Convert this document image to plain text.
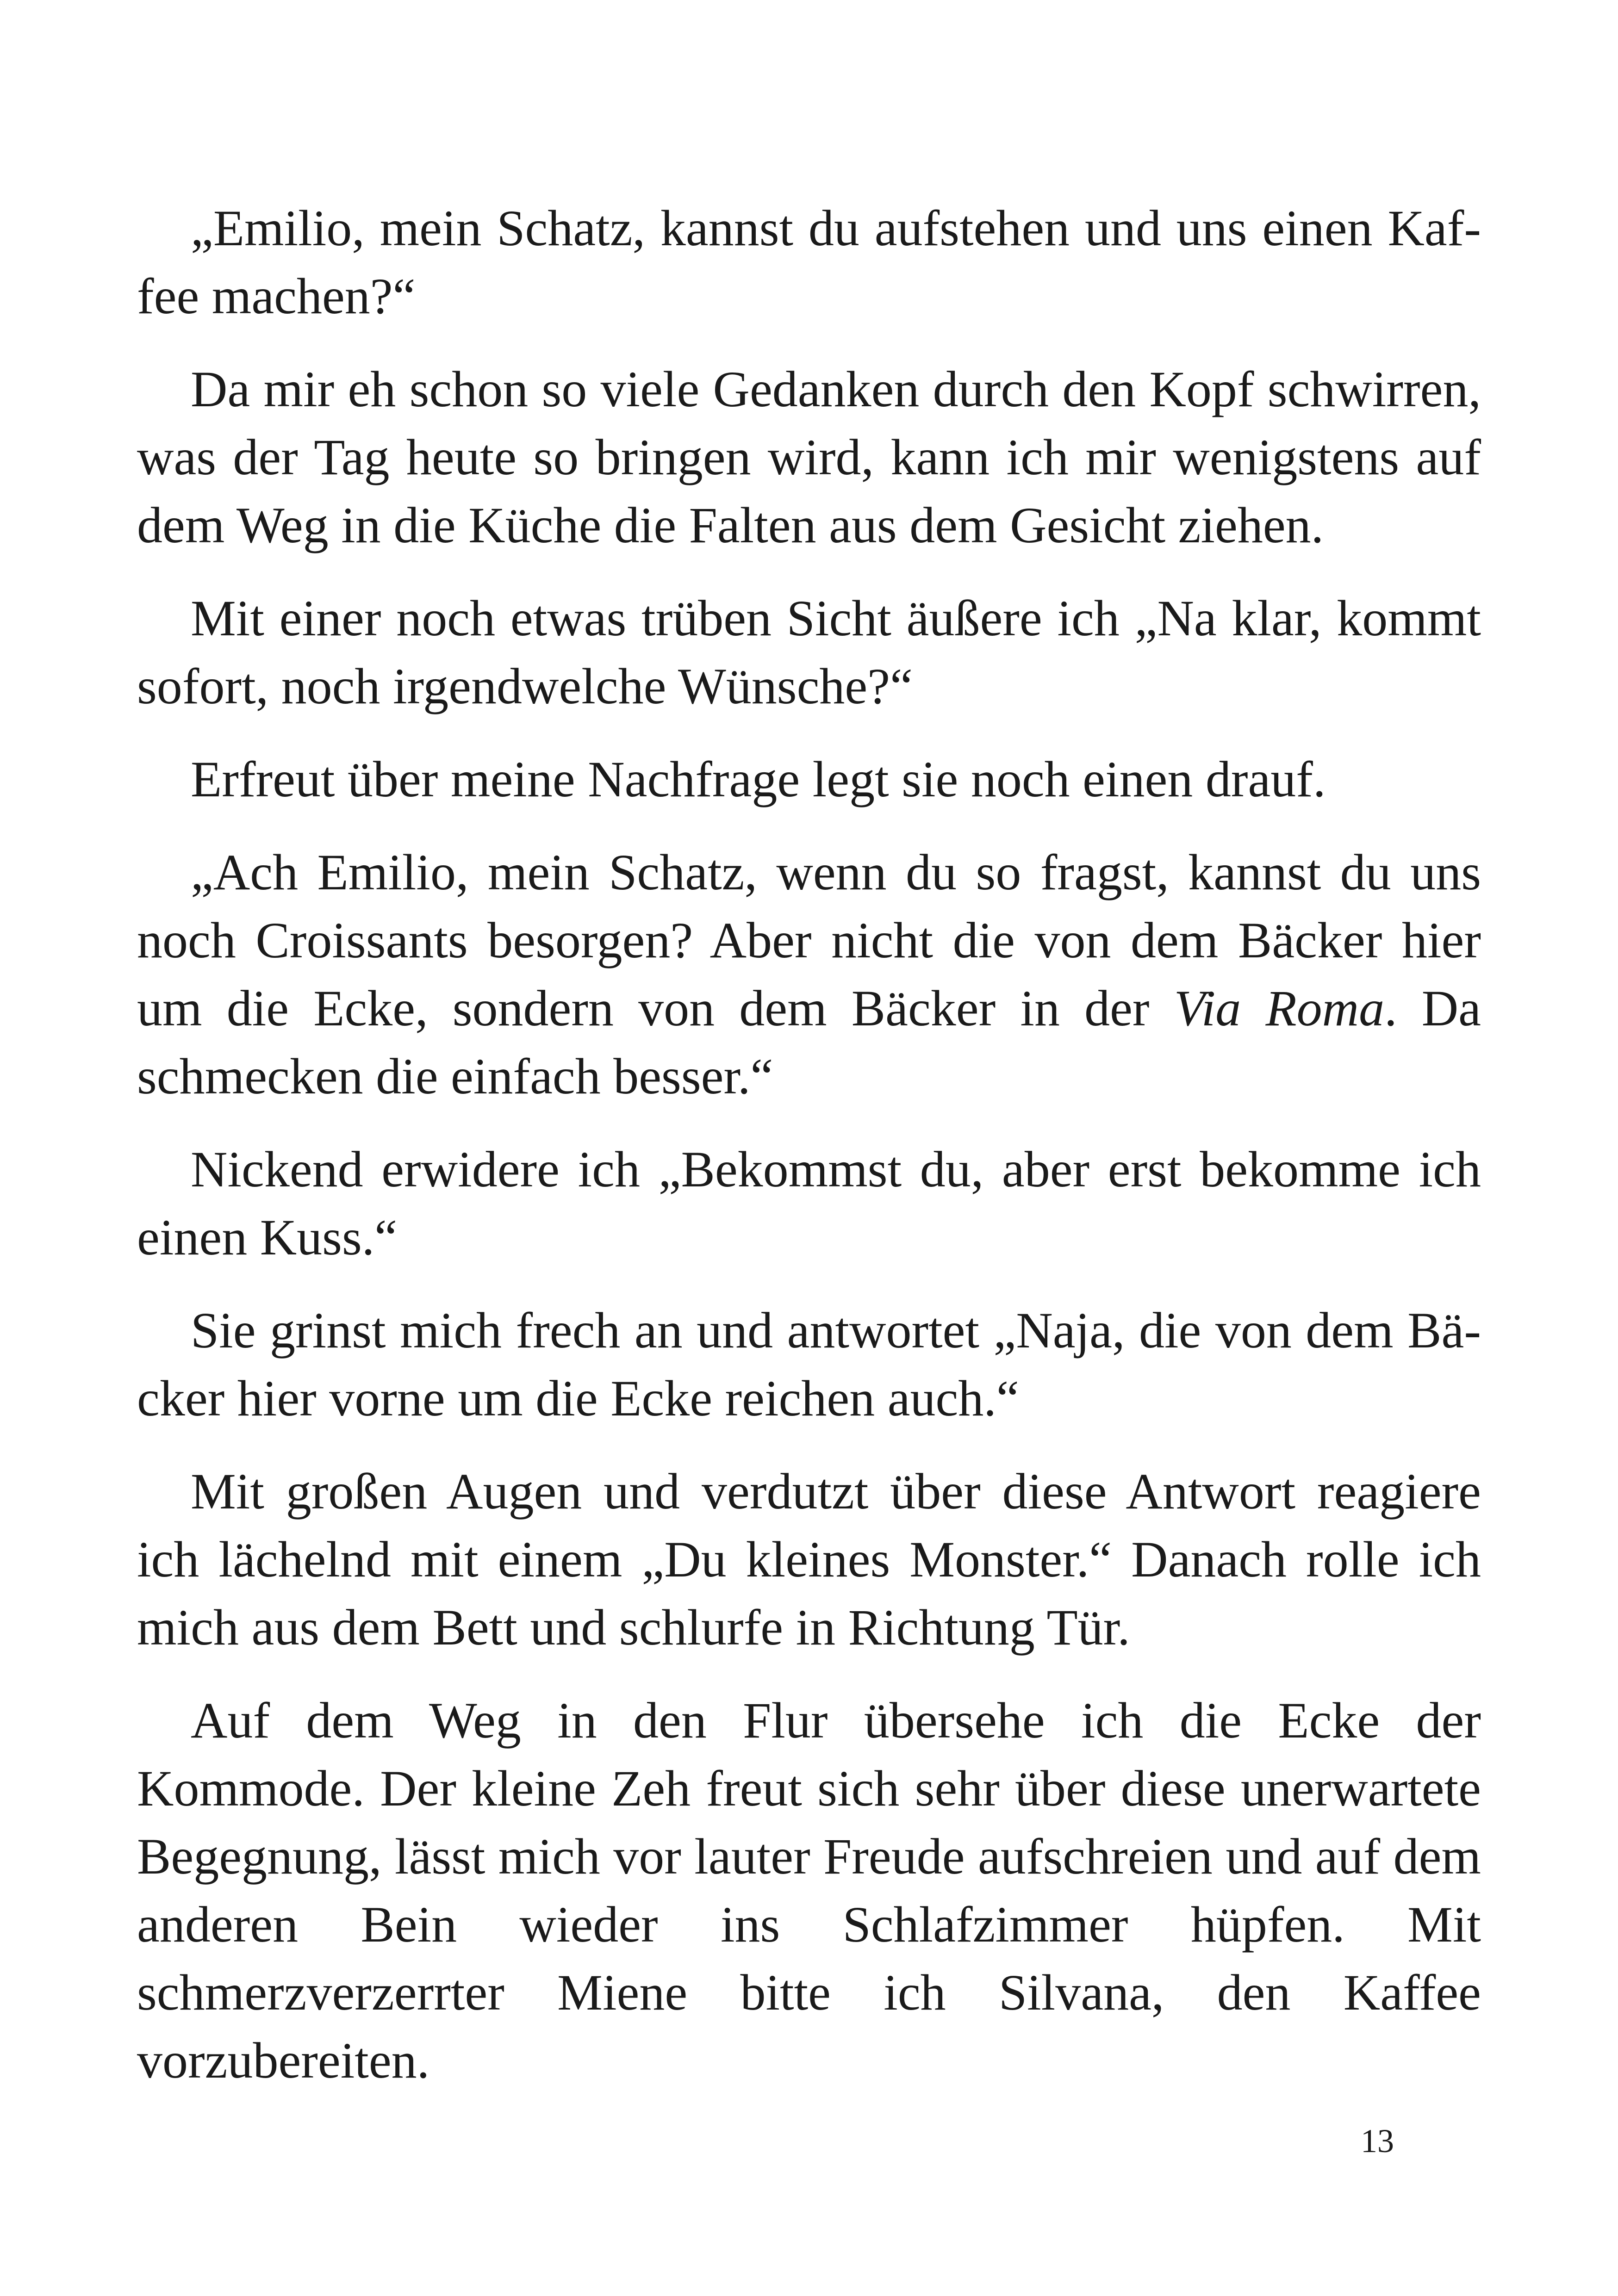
„Emilio, mein Schatz, kannst du aufstehen und uns einen Kaffee machen?“

Da mir eh schon so viele Gedanken durch den Kopf schwirren, was der Tag heute so bringen wird, kann ich mir wenigstens auf dem Weg in die Küche die Falten aus dem Gesicht ziehen.

Mit einer noch etwas trüben Sicht äußere ich „Na klar, kommt sofort, noch irgendwelche Wünsche?“

Erfreut über meine Nachfrage legt sie noch einen drauf.

„Ach Emilio, mein Schatz, wenn du so fragst, kannst du uns noch Croissants besorgen? Aber nicht die von dem Bäcker hier um die Ecke, sondern von dem Bäcker in der Via Roma. Da schmecken die einfach besser.“

Nickend erwidere ich „Bekommst du, aber erst bekomme ich einen Kuss.“

Sie grinst mich frech an und antwortet „Naja, die von dem Bäcker hier vorne um die Ecke reichen auch.“

Mit großen Augen und verdutzt über diese Antwort reagiere ich lächelnd mit einem „Du kleines Monster.“ Danach rolle ich mich aus dem Bett und schlurfe in Richtung Tür.

Auf dem Weg in den Flur übersehe ich die Ecke der Kommode. Der kleine Zeh freut sich sehr über diese unerwartete Begegnung, lässt mich vor lauter Freude aufschreien und auf dem anderen Bein wieder ins Schlafzimmer hüpfen. Mit schmerzverzerrter Miene bitte ich Silvana, den Kaffee vorzubereiten.

13
